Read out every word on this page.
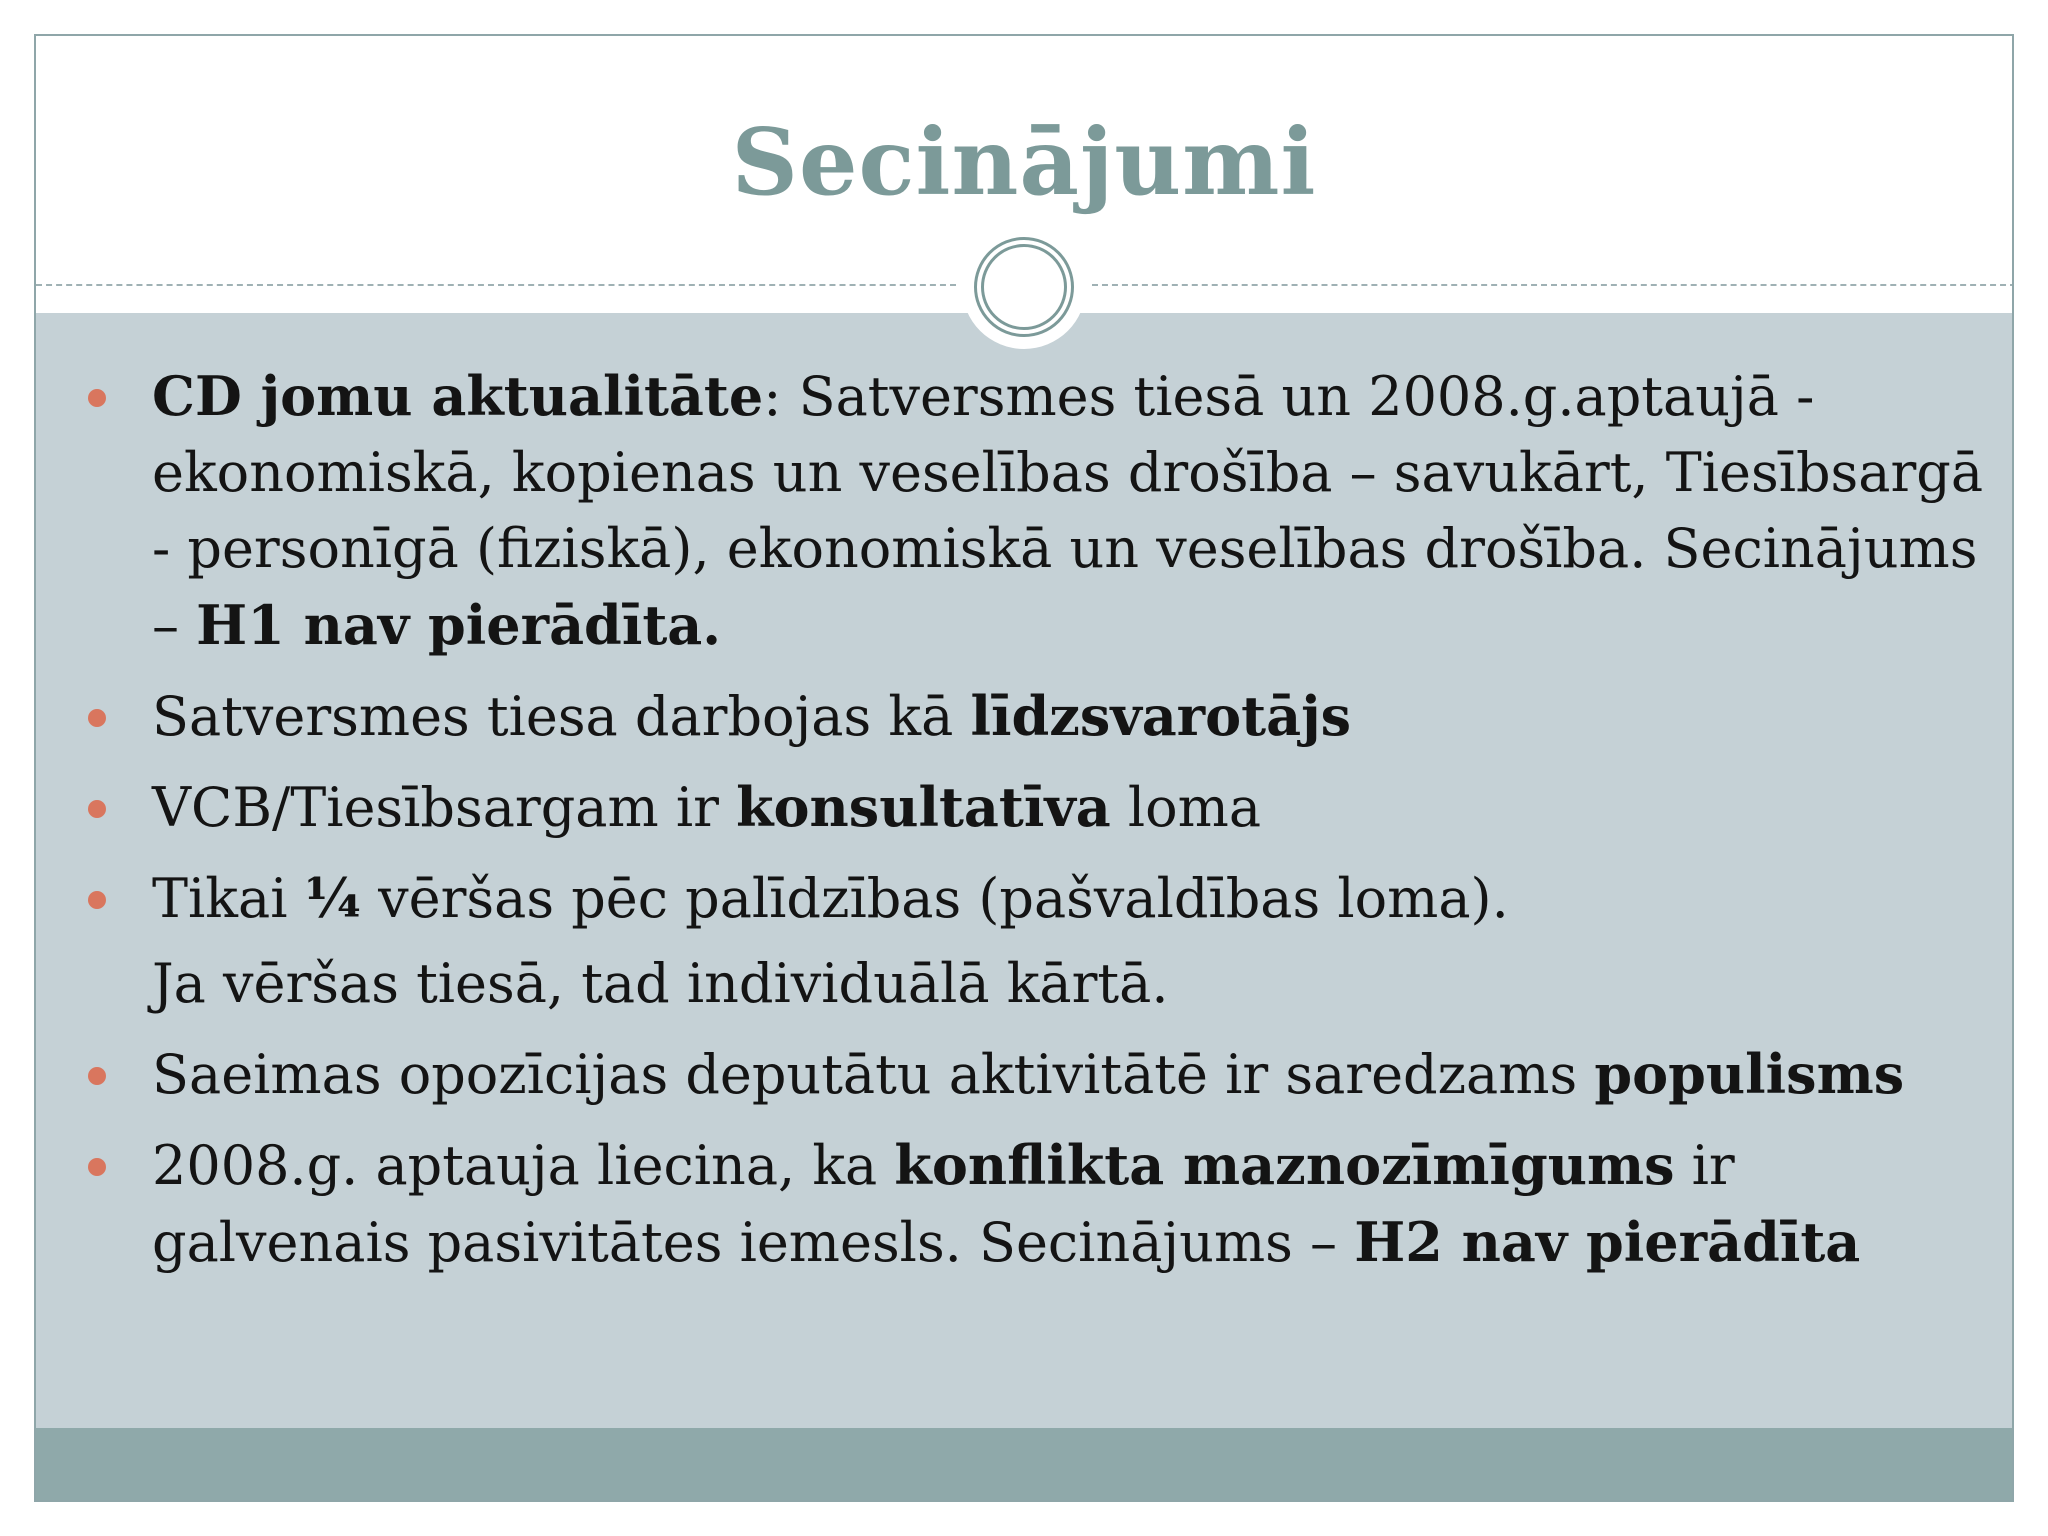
Secinājumi
CD jomu aktualitāte: Satversmes tiesā un 2008.g.aptaujā - ekonomiskā, kopienas un veselības drošība – savukārt, Tiesībsargā - personīgā (fiziskā), ekonomiskā un veselības drošība. Secinājums – H1 nav pierādīta.
Satversmes tiesa darbojas kā līdzsvarotājs
VCB/Tiesībsargam ir konsultatīva loma
Tikai ¼ vēršas pēc palīdzības (pašvaldības loma).
Ja vēršas tiesā, tad individuālā kārtā.
Saeimas opozīcijas deputātu aktivitātē ir saredzams populisms
2008.g. aptauja liecina, ka konflikta maznozīmīgums ir galvenais pasivitātes iemesls. Secinājums – H2 nav pierādīta
